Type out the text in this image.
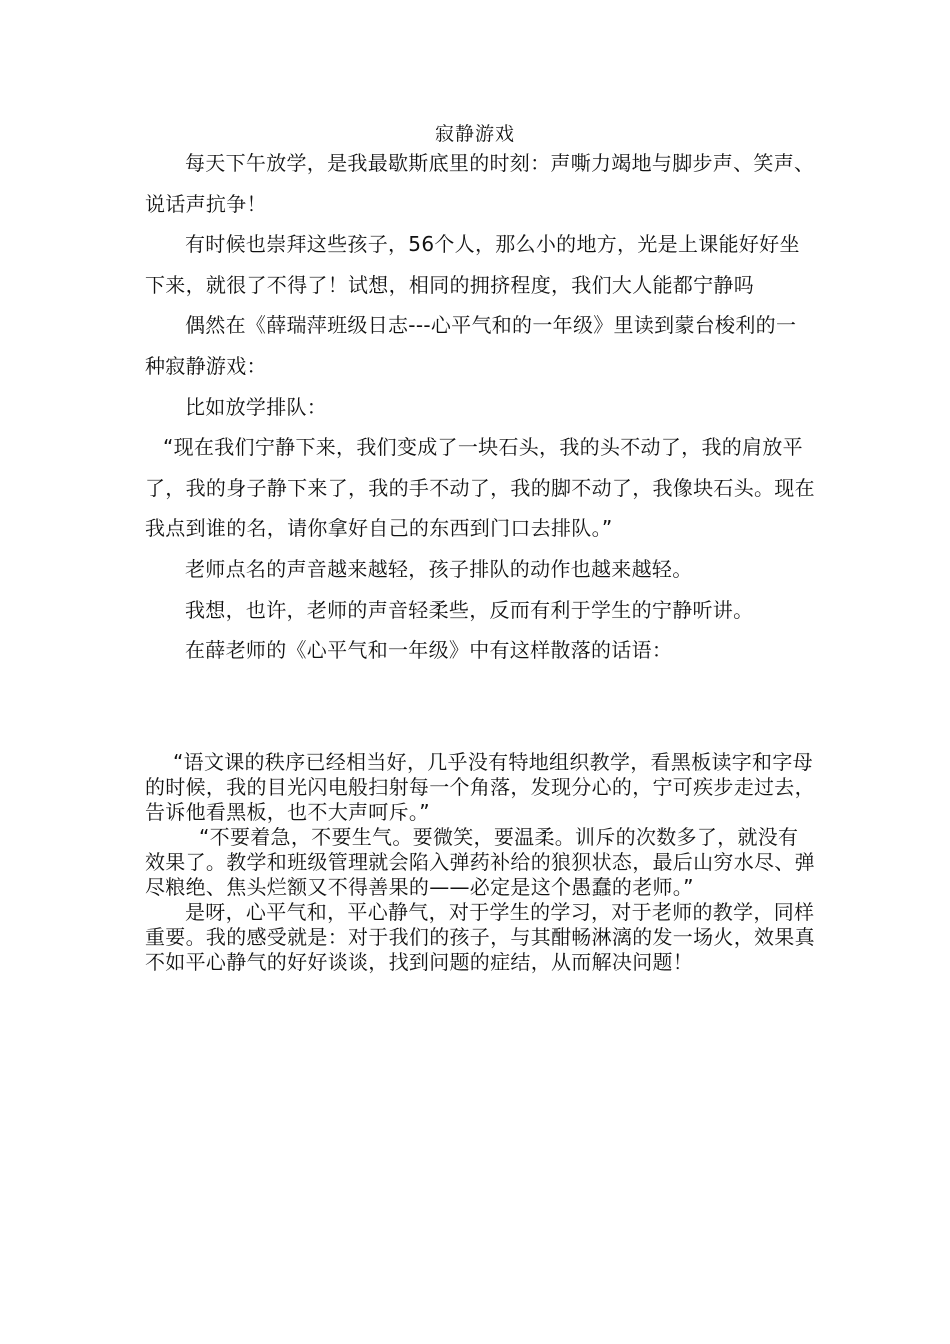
寂静游戏

每天下午放学，是我最歇斯底里的时刻：声嘶力竭地与脚步声、笑声、说话声抗争！

有时候也崇拜这些孩子，56个人，那么小的地方，光是上课能好好坐下来，就很了不得了！试想，相同的拥挤程度，我们大人能都宁静吗

偶然在《薛瑞萍班级日志---心平气和的一年级》里读到蒙台梭利的一种寂静游戏：

比如放学排队：

“现在我们宁静下来，我们变成了一块石头，我的头不动了，我的肩放平了，我的身子静下来了，我的手不动了，我的脚不动了，我像块石头。现在我点到谁的名，请你拿好自己的东西到门口去排队。”

老师点名的声音越来越轻，孩子排队的动作也越来越轻。

我想，也许，老师的声音轻柔些，反而有利于学生的宁静听讲。

在薛老师的《心平气和一年级》中有这样散落的话语：

“语文课的秩序已经相当好，几乎没有特地组织教学，看黑板读字和字母的时候，我的目光闪电般扫射每一个角落，发现分心的，宁可疾步走过去，告诉他看黑板，也不大声呵斥。”

“不要着急，不要生气。要微笑，要温柔。训斥的次数多了，就没有效果了。教学和班级管理就会陷入弹药补给的狼狈状态，最后山穷水尽、弹尽粮绝、焦头烂额又不得善果的——必定是这个愚蠢的老师。”

是呀，心平气和，平心静气，对于学生的学习，对于老师的教学，同样重要。我的感受就是：对于我们的孩子，与其酣畅淋漓的发一场火，效果真不如平心静气的好好谈谈，找到问题的症结，从而解决问题！
